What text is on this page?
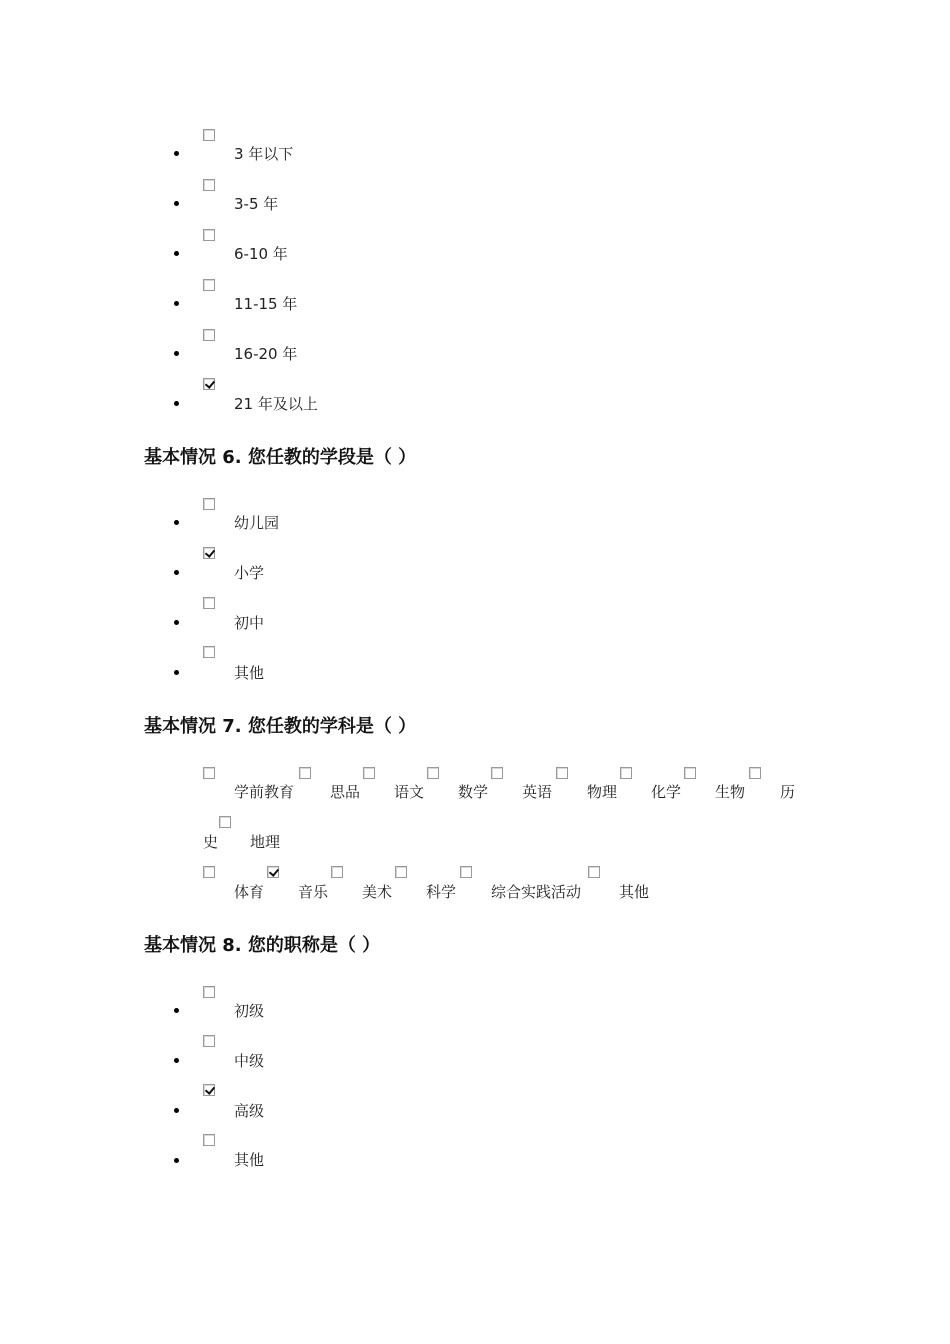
3 年以下
3-5 年
6-10 年
11-15 年
16-20 年
21 年及以上
基本情况 6. 您任教的学段是（ ）
幼儿园
小学
初中
其他
基本情况 7. 您任教的学科是（ ）
学前教育 思品 语文 数学 英语 物理 化学 生物 历
史 地理
体育 音乐 美术 科学 综合实践活动	其他
基本情况 8. 您的职称是（ ）
初级
中级
高级
其他
